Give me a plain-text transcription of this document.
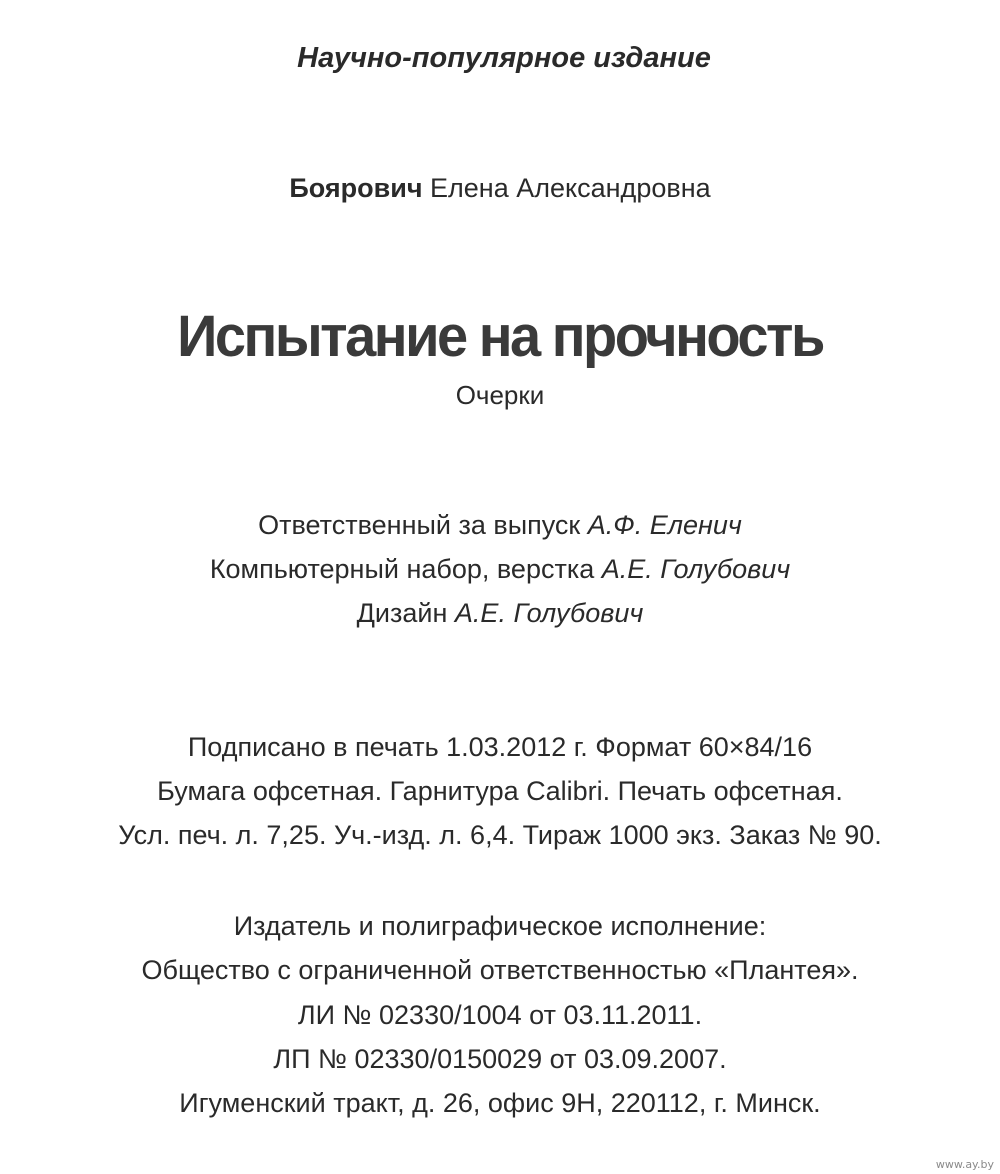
Научно-популярное издание
Боярович Елена Александровна
Испытание на прочность
Очерки
Ответственный за выпуск А.Ф. Еленич
Компьютерный набор, верстка А.Е. Голубович
Дизайн А.Е. Голубович
Подписано в печать 1.03.2012 г. Формат 60×84/16
Бумага офсетная. Гарнитура Calibri. Печать офсетная.
Усл. печ. л. 7,25. Уч.-изд. л. 6,4. Тираж 1000 экз. Заказ № 90.
Издатель и полиграфическое исполнение:
Общество с ограниченной ответственностью «Плантея».
ЛИ № 02330/1004 от 03.11.2011.
ЛП № 02330/0150029 от 03.09.2007.
Игуменский тракт, д. 26, офис 9Н, 220112, г. Минск.
www.ay.by
